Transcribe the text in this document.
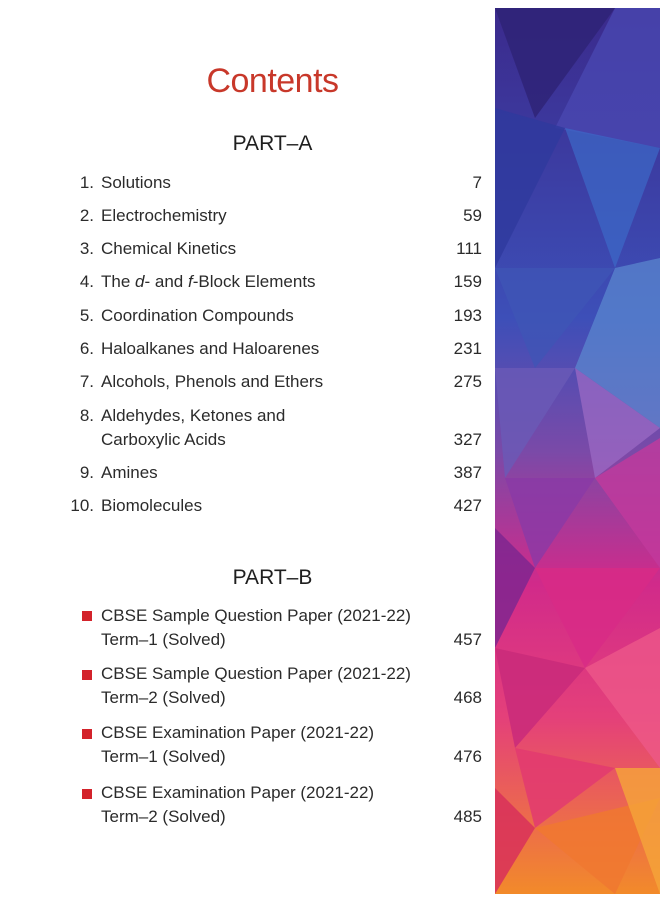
Contents
PART–A
1. Solutions	7
2. Electrochemistry	59
3. Chemical Kinetics	111
4. The d- and f-Block Elements	159
5. Coordination Compounds	193
6. Haloalkanes and Haloarenes	231
7. Alcohols, Phenols and Ethers	275
8. Aldehydes, Ketones and
Carboxylic Acids	327
9. Amines	387
10. Biomolecules	427
PART–B
CBSE Sample Question Paper (2021-22)
Term–1 (Solved)	457
CBSE Sample Question Paper (2021-22)
Term–2 (Solved)	468
CBSE Examination Paper (2021-22)
Term–1 (Solved)	476
CBSE Examination Paper (2021-22)
Term–2 (Solved)	485
